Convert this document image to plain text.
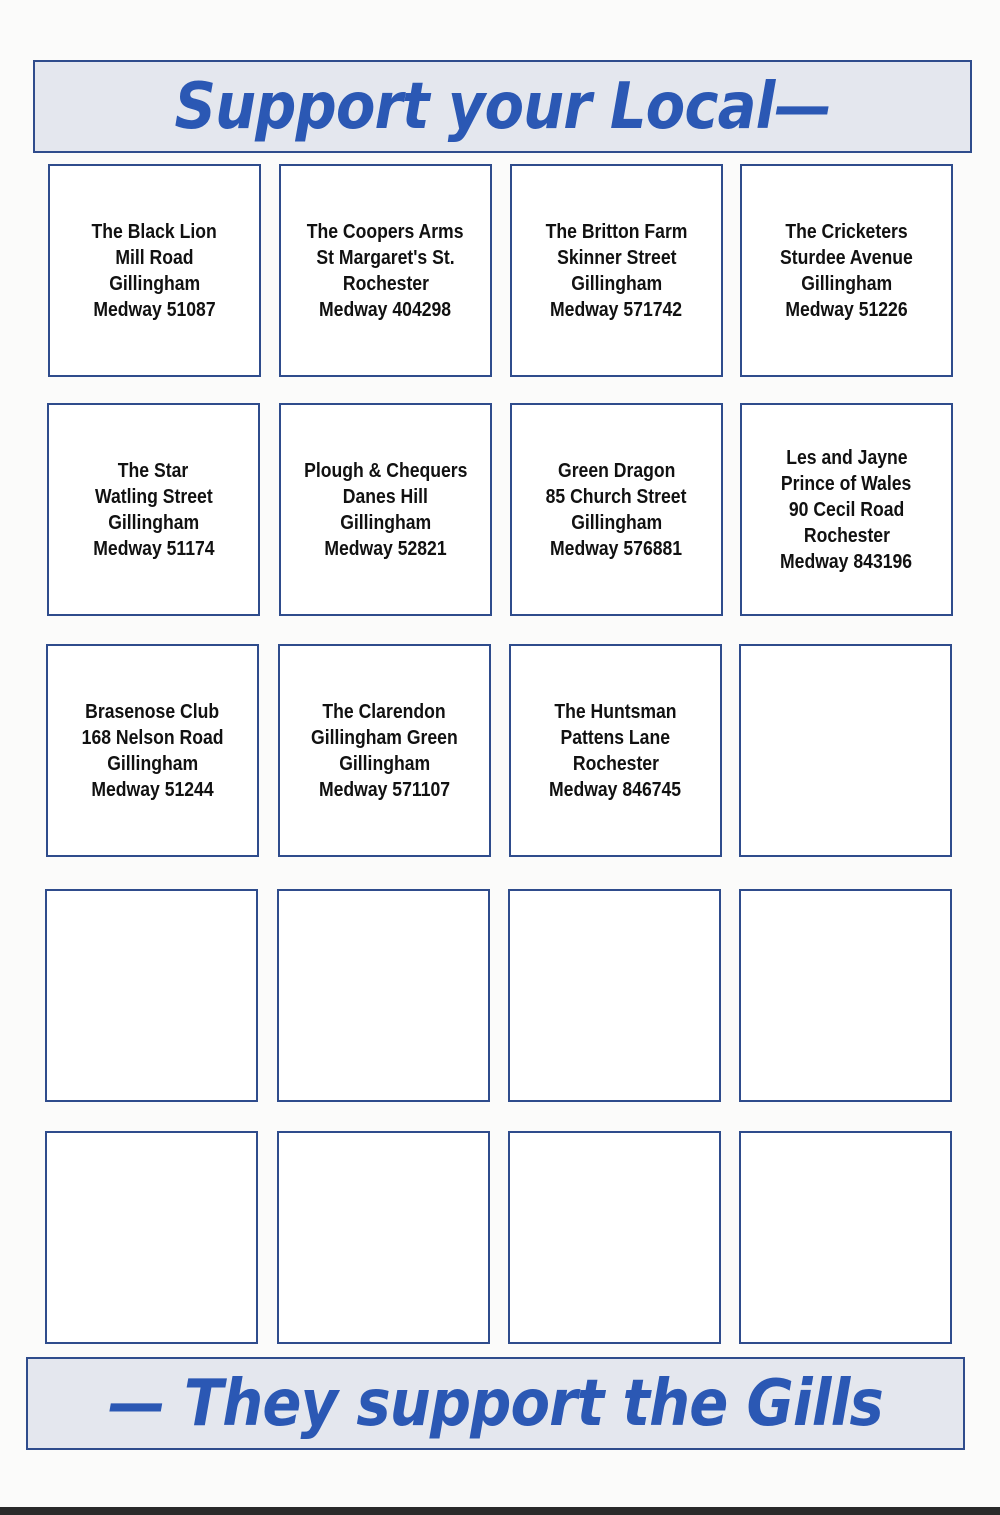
Support your Local—
The Black Lion
Mill Road
Gillingham
Medway 51087
The Coopers Arms
St Margaret's St.
Rochester
Medway 404298
The Britton Farm
Skinner Street
Gillingham
Medway 571742
The Cricketers
Sturdee Avenue
Gillingham
Medway 51226
The Star
Watling Street
Gillingham
Medway 51174
Plough & Chequers
Danes Hill
Gillingham
Medway 52821
Green Dragon
85 Church Street
Gillingham
Medway 576881
Les and Jayne
Prince of Wales
90 Cecil Road
Rochester
Medway 843196
Brasenose Club
168 Nelson Road
Gillingham
Medway 51244
The Clarendon
Gillingham Green
Gillingham
Medway 571107
The Huntsman
Pattens Lane
Rochester
Medway 846745
— They support the Gills
